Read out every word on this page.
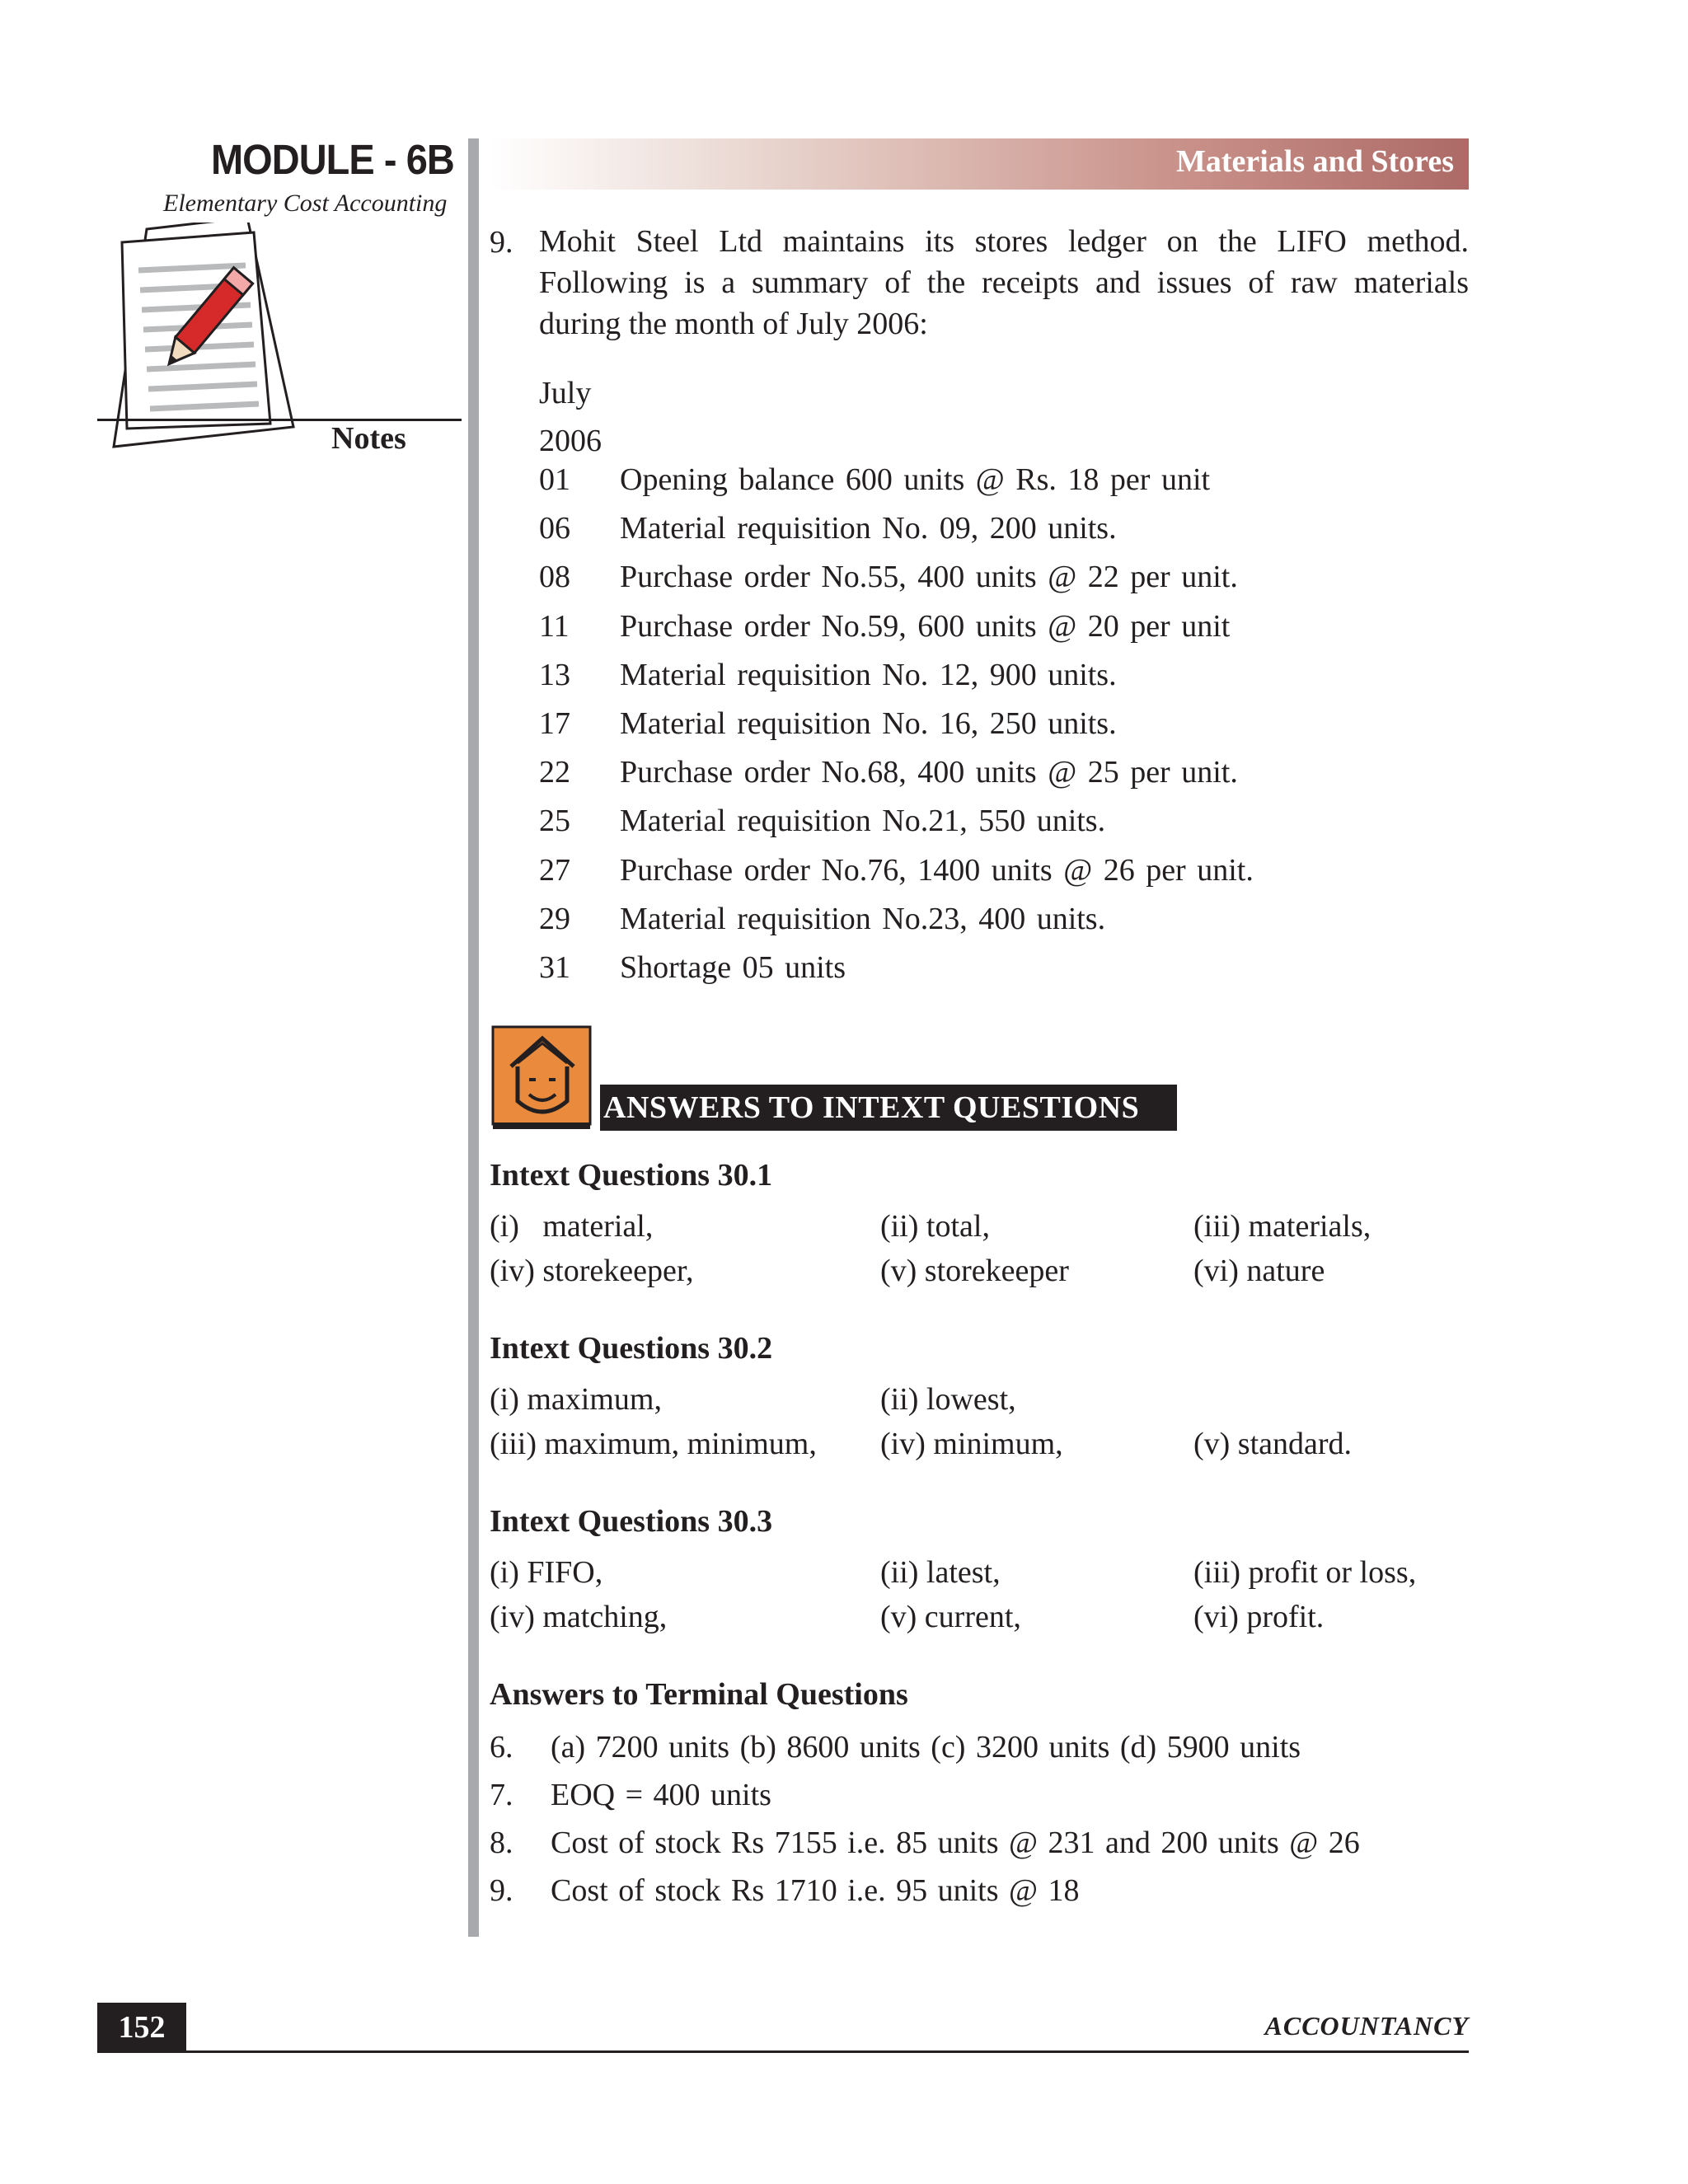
MODULE - 6B
Elementary Cost Accounting
Notes
Materials and Stores
9. Mohit Steel Ltd maintains its stores ledger on the LIFO method.
Following is a summary of the receipts and issues of raw materials
during the month of July 2006:
July
2006
01	Opening balance 600 units @ Rs. 18 per unit
06	Material requisition No. 09, 200 units.
08	Purchase order No.55, 400 units @ 22 per unit.
11	Purchase order No.59, 600 units @ 20 per unit
13	Material requisition No. 12, 900 units.
17	Material requisition No. 16, 250 units.
22	Purchase order No.68, 400 units @ 25 per unit.
25	Material requisition No.21, 550 units.
27	Purchase order No.76, 1400 units @ 26 per unit.
29	Material requisition No.23, 400 units.
31	Shortage 05 units
ANSWERS TO INTEXT QUESTIONS
Intext Questions 30.1
(i)   material,	(ii) total,	(iii) materials,
(iv) storekeeper,	(v) storekeeper	(vi) nature
Intext Questions 30.2
(i) maximum,	(ii) lowest,
(iii) maximum, minimum, (iv) minimum,	(v) standard.
Intext Questions 30.3
(i) FIFO,	(ii) latest,	(iii) profit or loss,
(iv) matching,	(v) current,	(vi) profit.
Answers to Terminal Questions
6. (a) 7200 units (b) 8600 units (c) 3200 units (d) 5900 units
7. EOQ = 400 units
8. Cost of stock Rs 7155 i.e. 85 units @ 231 and 200 units @ 26
9. Cost of stock Rs 1710 i.e. 95 units @ 18
152	ACCOUNTANCY
